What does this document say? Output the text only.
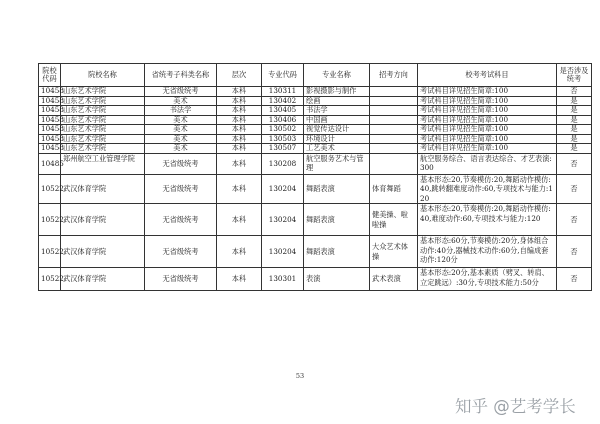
院校代码	院校名称	省统考子科类名称	层次	专业代码	专业名称	招考方向	校考考试科目	是否涉及统考
10458	山东艺术学院	无省级统考	本科	130311	影视摄影与制作		考试科目详见招生简章:100	否
10458	山东艺术学院	美术	本科	130402	绘画		考试科目详见招生简章:100	是
10458	山东艺术学院	书法学	本科	130405	书法学		考试科目详见招生简章:100	是
10458	山东艺术学院	美术	本科	130406	中国画		考试科目详见招生简章:100	是
10458	山东艺术学院	美术	本科	130502	视觉传达设计		考试科目详见招生简章:100	是
10458	山东艺术学院	美术	本科	130503	环境设计		考试科目详见招生简章:100	是
10458	山东艺术学院	美术	本科	130507	工艺美术		考试科目详见招生简章:100	是
10485	郑州航空工业管理学院	无省级统考	本科	130208	航空服务艺术与管理		航空服务综合、语言表达综合、才艺表演:300	否
10522	武汉体育学院	无省级统考	本科	130204	舞蹈表演	体育舞蹈	基本形态:20,节奏模仿:20,舞蹈动作模仿:40,跳转翻难度动作:60,专项技术与能力:120	否
10522	武汉体育学院	无省级统考	本科	130204	舞蹈表演	健美操、啦啦操	基本形态:20,节奏模仿:20,舞蹈动作模仿:40,难度动作:60,专项技术与能力:120	否
10522	武汉体育学院	无省级统考	本科	130204	舞蹈表演	大众艺术体操	基本形态:60分,节奏模仿:20分,身体组合动作:40分,器械技术动作:60分,自编成套动作:120分	否
10522	武汉体育学院	无省级统考	本科	130301	表演	武术表演	基本形态:20分,基本素质（劈叉、转肩、立定跳远）:30分,专项技术能力:50分	否
53
知乎 @艺考学长
